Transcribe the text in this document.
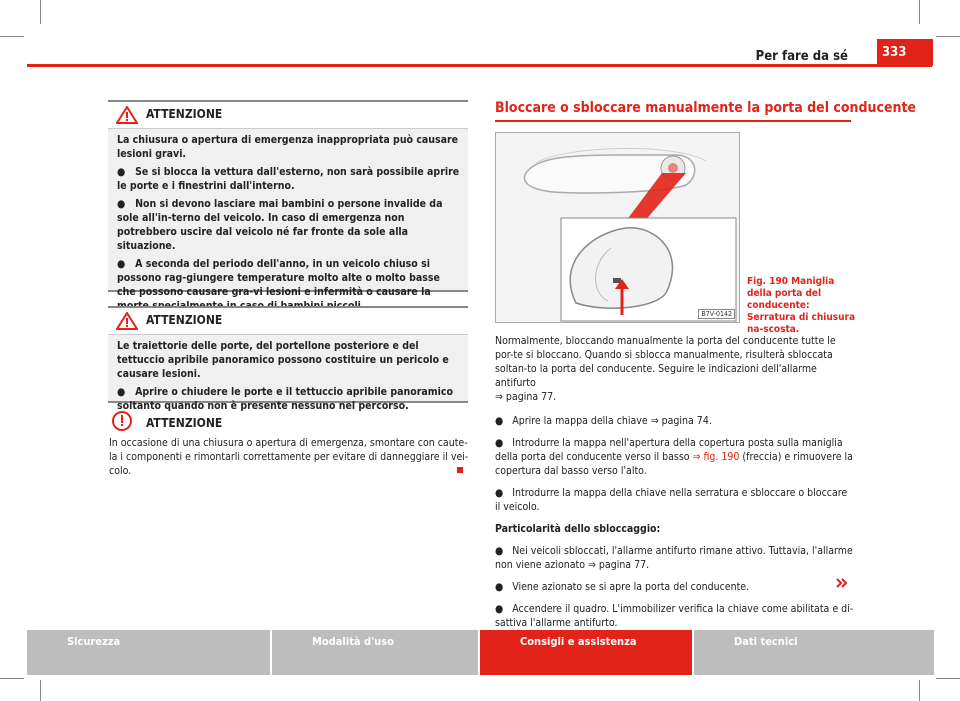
Per fare da sé	333
ATTENZIONE

La chiusura o apertura di emergenza inappropriata può causare lesioni gravi.

●   Se si blocca la vettura dall'esterno, non sarà possibile aprire le porte e i finestrini dall'interno.

●   Non si devono lasciare mai bambini o persone invalide da sole all'in-terno del veicolo. In caso di emergenza non potrebbero uscire dal veicolo né far fronte da sole alla situazione.

●   A seconda del periodo dell'anno, in un veicolo chiuso si possono rag-giungere temperature molto alte o molto basse che possono causare gra-vi lesioni e infermità o causare la

ATTENZIONE

Le traiettorie delle porte, del portellone posteriore e del tettuccio apribile panoramico possono costituire un pericolo e causare lesioni.

●   Aprire o chiudere le porte e il tettuccio apribile panoramico soltanto quando non è presente nessuno nel percorso.

ATTENZIONE
In occasione di una chiusura o apertura di emergenza, smontare con caute-la i componenti e rimontarli correttamente per evitare di danneggiare il vei-colo.
Bloccare o sbloccare manualmente la porta del conducente
B7V-0142
Fig. 190 Maniglia della porta del conducente: Serratura di chiusura na-scosta.

Normalmente, bloccando manualmente la porta del conducente tutte le por-te si bloccano. Quando si sblocca manualmente, risulterà sbloccata soltan-to la porta del conducente. Seguire le indicazioni dell'allarme antifurto
⇒ pagina 77.

●   Aprire la mappa della chiave ⇒ pagina 74.

●   Introdurre la mappa nell'apertura della copertura posta sulla maniglia della porta del conducente verso il basso ⇒ fig. 190 (freccia) e rimuovere la copertura dal basso verso l'alto.

●   Introdurre la mappa della chiave nella serratura e sbloccare o bloccare il veicolo.

Particolarità dello sbloccaggio:

●   Nei veicoli sbloccati, l'allarme antifurto rimane attivo. Tuttavia, l'allarme non viene azionato ⇒ pagina 77.

●   Viene azionato se si apre la porta del conducente.

●   Accendere il quadro. L'immobilizer verifica la chiave come abilitata e di-sattiva l'allarme antifurto.

Sicurezza	Modalità d'uso	Consigli e assistenza	Dati tecnici
